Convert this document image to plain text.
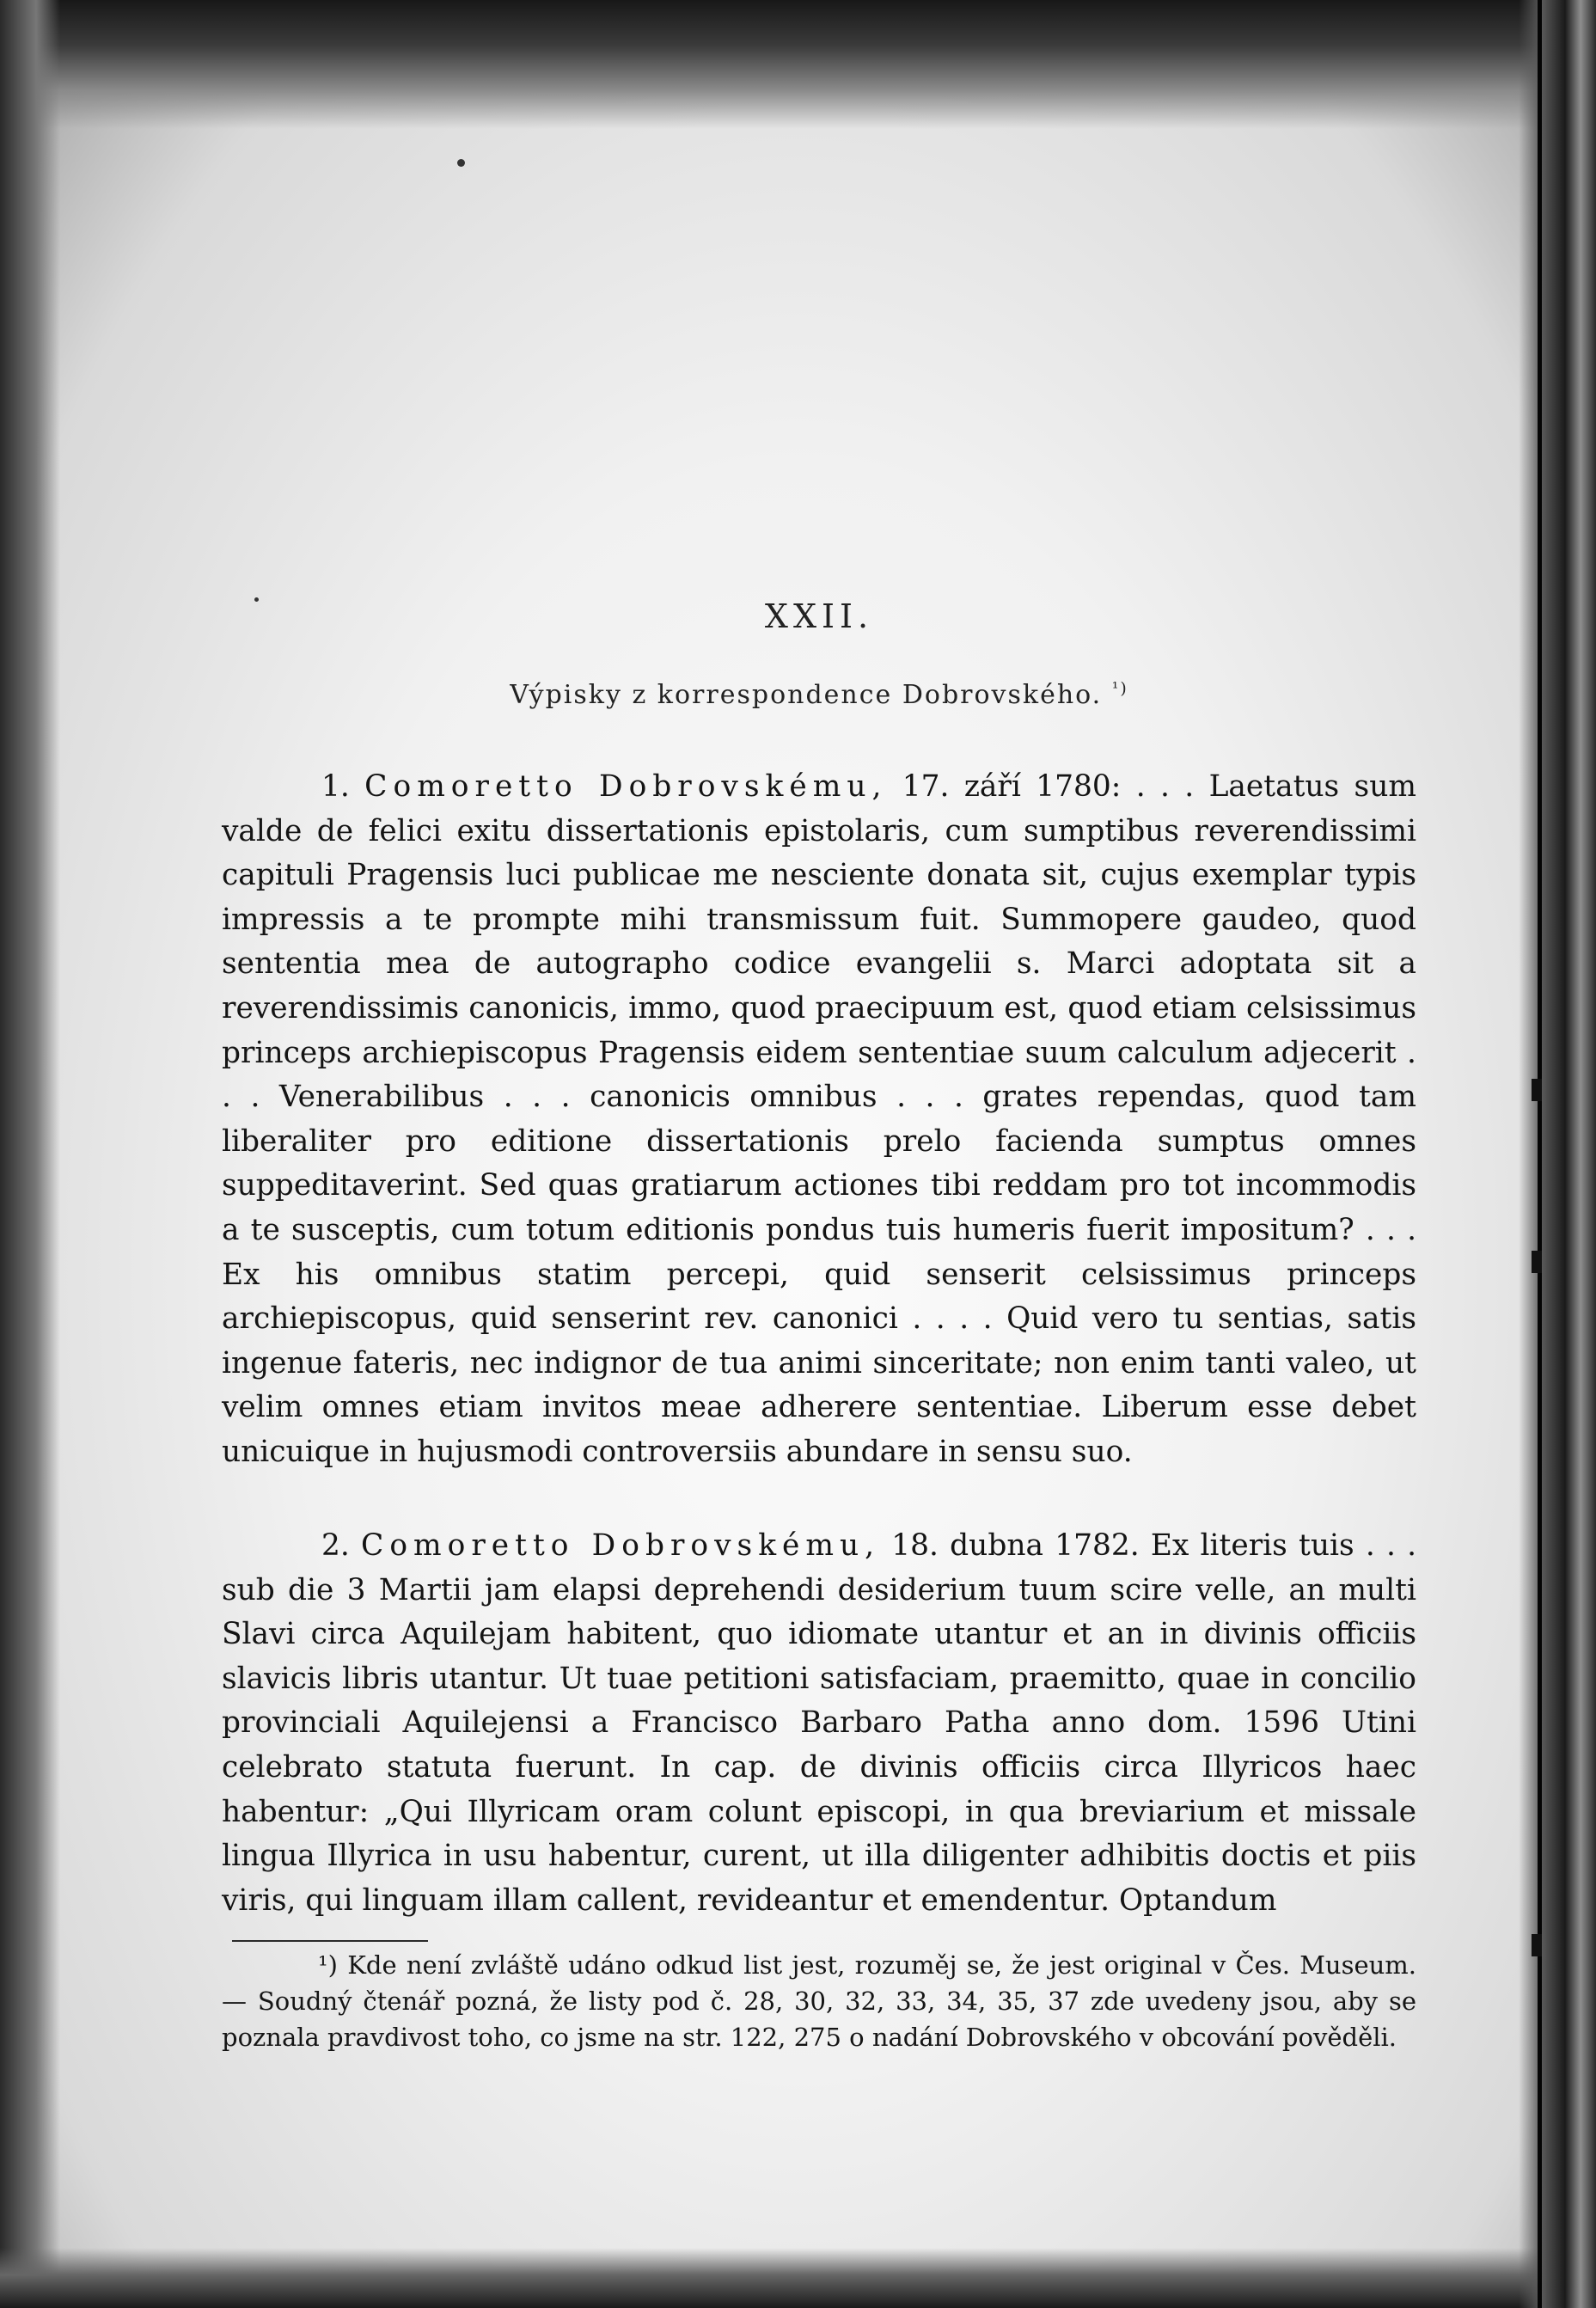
XXII.
Výpisky z korrespondence Dobrovského. $^{^1)}$

1. Comoretto Dobrovskému, 17. září 1780: . . . Laetatus sum valde de felici exitu dissertationis epistolaris, cum sumptibus reverendissimi capituli Pragensis luci publicae me nesciente donata sit, cujus exemplar typis impressis a te prompte mihi transmissum fuit. Summopere gaudeo, quod sententia mea de autographo codice evangelii s. Marci adoptata sit a reverendissimis canonicis, immo, quod praecipuum est, quod etiam celsissimus princeps archiepiscopus Pragensis eidem sententiae suum calculum adjecerit . . . Venerabilibus . . . canonicis omnibus . . . grates rependas, quod tam liberaliter pro editione dissertationis prelo facienda sumptus omnes suppeditaverint. Sed quas gratiarum actiones tibi reddam pro tot incommodis a te susceptis, cum totum editionis pondus tuis humeris fuerit impositum? . . . Ex his omnibus statim percepi, quid senserit celsissimus princeps archiepiscopus, quid senserint rev. canonici . . . . Quid vero tu sentias, satis ingenue fateris, nec indignor de tua animi sinceritate; non enim tanti valeo, ut velim omnes etiam invitos meae adherere sententiae. Liberum esse debet unicuique in hujusmodi controversiis abundare in sensu suo.

2. Comoretto Dobrovskému, 18. dubna 1782. Ex literis tuis . . . sub die 3 Martii jam elapsi deprehendi desiderium tuum scire velle, an multi Slavi circa Aquilejam habitent, quo idiomate utantur et an in divinis officiis slavicis libris utantur. Ut tuae petitioni satisfaciam, praemitto, quae in concilio provinciali Aquilejensi a Francisco Barbaro Patha anno dom. 1596 Utini celebrato statuta fuerunt. In cap. de divinis officiis circa Illyricos haec habentur: „Qui Illyricam oram colunt episcopi, in qua breviarium et missale lingua Illyrica in usu habentur, curent, ut illa diligenter adhibitis doctis et piis viris, qui linguam illam callent, revideantur et emendentur. Optandum

¹) Kde není zvláště udáno odkud list jest, rozuměj se, že jest original v Čes. Museum. — Soudný čtenář pozná, že listy pod č. 28, 30, 32, 33, 34, 35, 37 zde uvedeny jsou, aby se poznala pravdivost toho, co jsme na str. 122, 275 o nadání Dobrovského v obcování pověděli.
